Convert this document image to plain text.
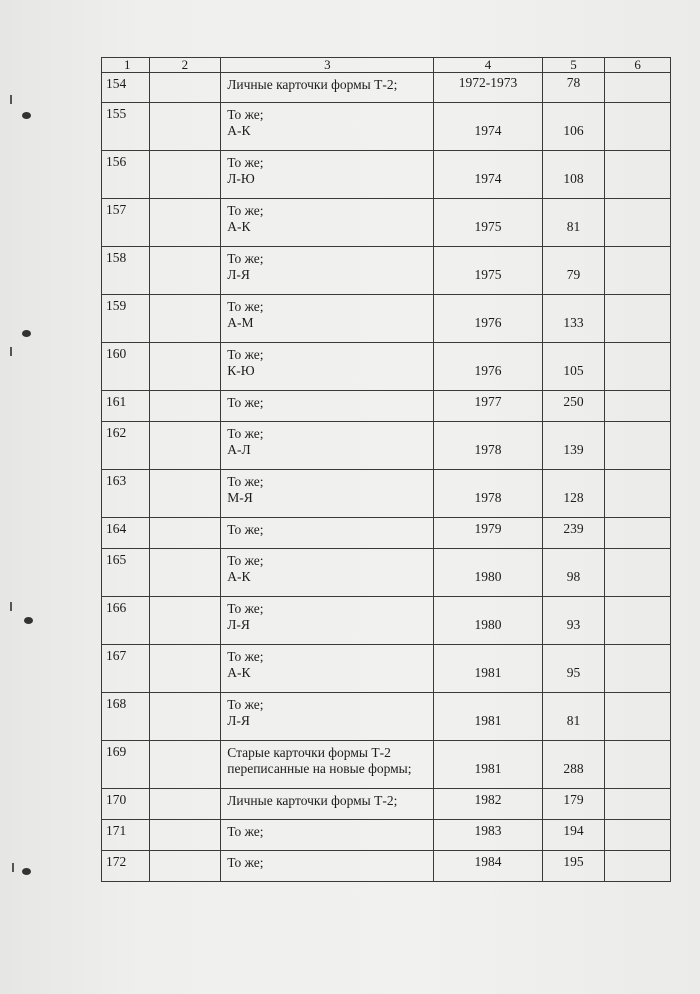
1	2	3	4	5	6
154		Личные карточки формы Т-2;	1972-1973	78	

155		То же;
А-К	1974	106	

156		То же;
Л-Ю	1974	108	

157		То же;
А-К	1975	81	

158		То же;
Л-Я	1975	79	

159		То же;
А-М	1976	133	

160		То же;
К-Ю	1976	105	

161		То же;	1977	250	

162		То же;
А-Л	1978	139	

163		То же;
М-Я	1978	128	

164		То же;	1979	239	

165		То же;
А-К	1980	98	

166		То же;
Л-Я	1980	93	

167		То же;
А-К	1981	95	

168		То же;
Л-Я	1981	81	

169		Старые карточки формы Т-2
переписанные на новые формы;	1981	288	

170		Личные карточки формы Т-2;	1982	179	

171		То же;	1983	194	

172		То же;	1984	195	
